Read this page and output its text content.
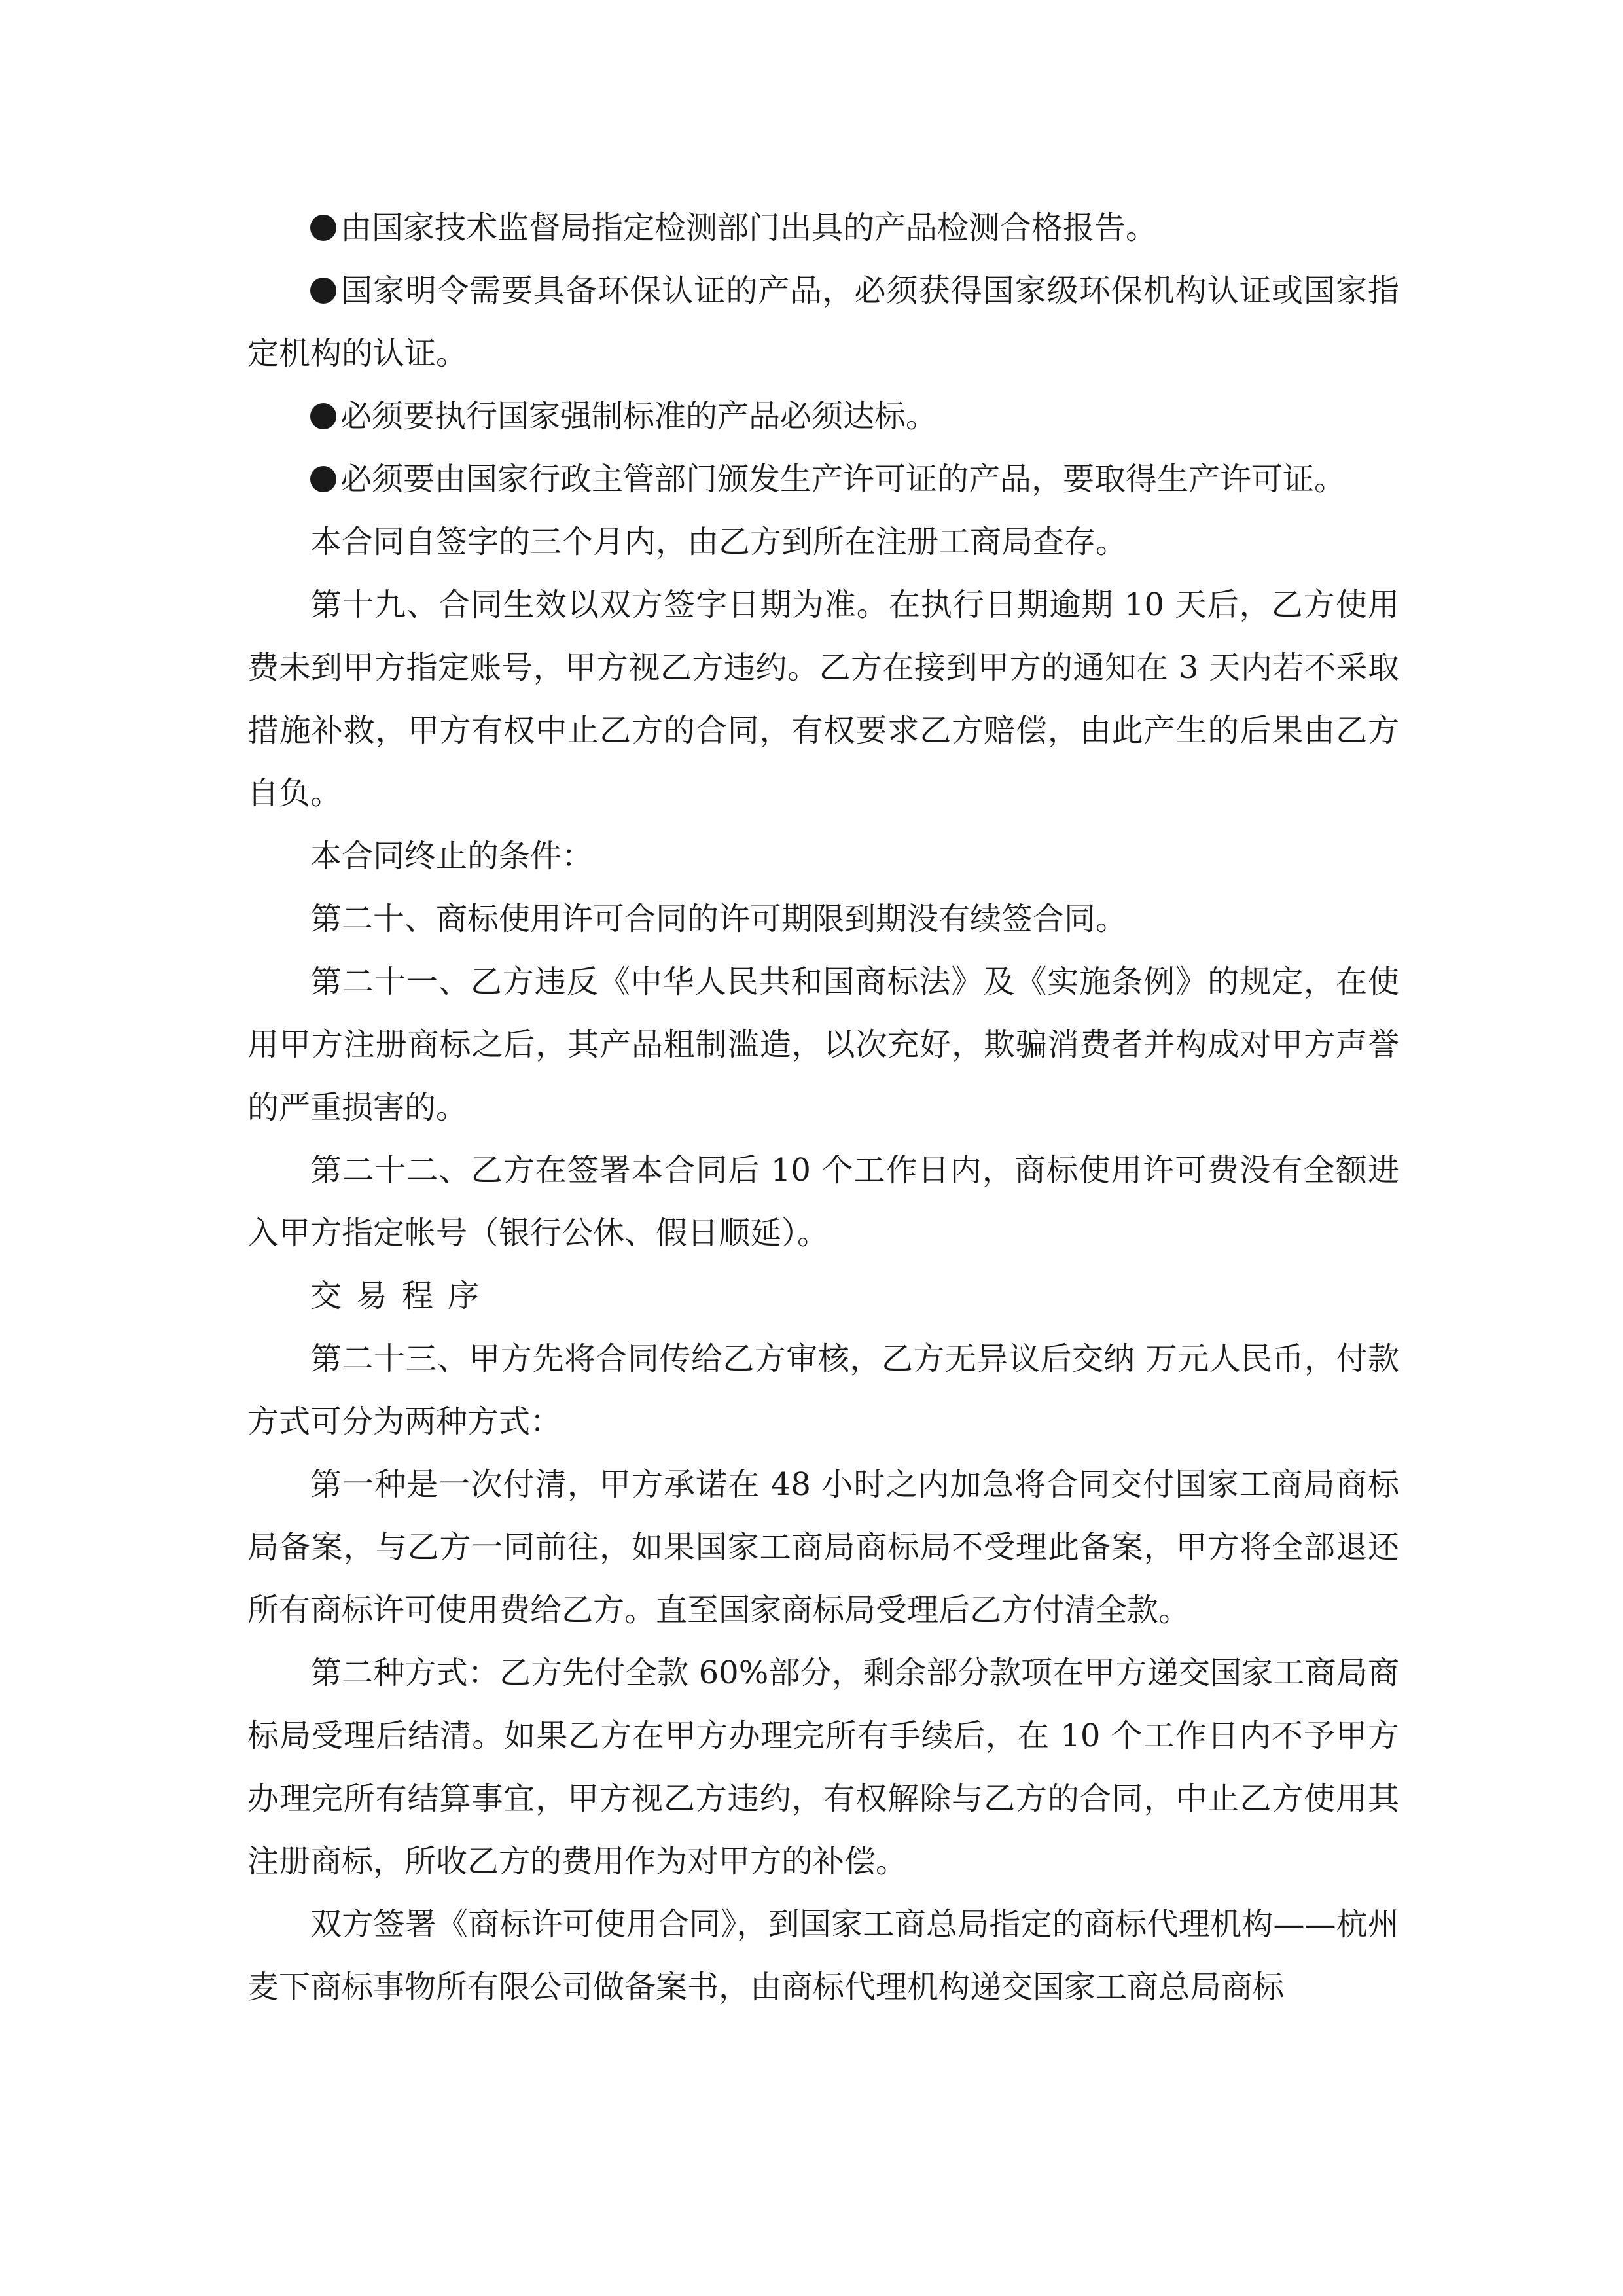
由国家技术监督局指定检测部门出具的产品检测合格报告。

国家明令需要具备环保认证的产品，必须获得国家级环保机构认证或国家指定机构的认证。

必须要执行国家强制标准的产品必须达标。

必须要由国家行政主管部门颁发生产许可证的产品，要取得生产许可证。

本合同自签字的三个月内，由乙方到所在注册工商局查存。

第十九、合同生效以双方签字日期为准。在执行日期逾期 10 天后，乙方使用费未到甲方指定账号，甲方视乙方违约。乙方在接到甲方的通知在 3 天内若不采取措施补救，甲方有权中止乙方的合同，有权要求乙方赔偿，由此产生的后果由乙方自负。

本合同终止的条件：

第二十、商标使用许可合同的许可期限到期没有续签合同。

第二十一、乙方违反《中华人民共和国商标法》及《实施条例》的规定，在使用甲方注册商标之后，其产品粗制滥造，以次充好，欺骗消费者并构成对甲方声誉的严重损害的。

第二十二、乙方在签署本合同后 10 个工作日内，商标使用许可费没有全额进入甲方指定帐号（银行公休、假日顺延）。

交易程序

第二十三、甲方先将合同传给乙方审核，乙方无异议后交纳 万元人民币，付款方式可分为两种方式：

第一种是一次付清，甲方承诺在 48 小时之内加急将合同交付国家工商局商标局备案，与乙方一同前往，如果国家工商局商标局不受理此备案，甲方将全部退还所有商标许可使用费给乙方。直至国家商标局受理后乙方付清全款。

第二种方式：乙方先付全款 60%部分，剩余部分款项在甲方递交国家工商局商标局受理后结清。如果乙方在甲方办理完所有手续后，在 10 个工作日内不予甲方办理完所有结算事宜，甲方视乙方违约，有权解除与乙方的合同，中止乙方使用其注册商标，所收乙方的费用作为对甲方的补偿。

双方签署《商标许可使用合同》，到国家工商总局指定的商标代理机构——杭州麦下商标事物所有限公司做备案书，由商标代理机构递交国家工商总局商标
